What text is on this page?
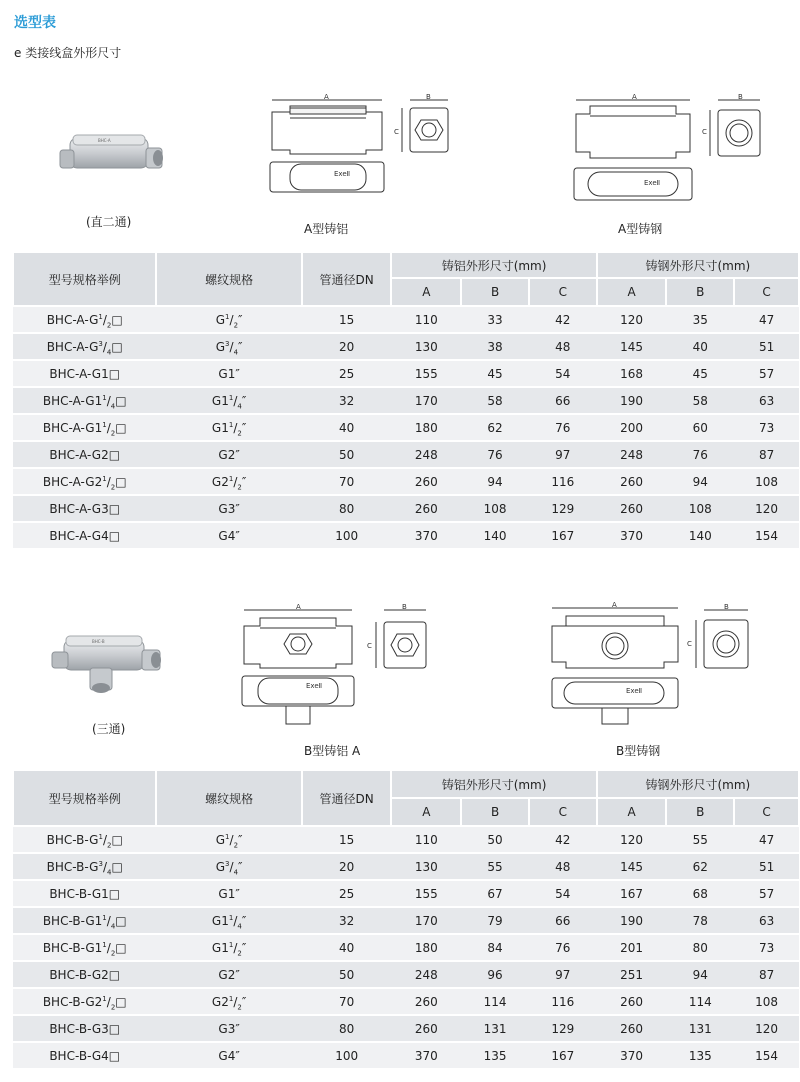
选型表
e 类接线盒外形尺寸
BHC-A
(直二通)
A
ExeⅡ
B
C
A型铸铝
A
ExeⅡ
B
C
A型铸钢
型号规格举例	螺纹规格	管通径DN	铸铝外形尺寸(mm)			铸钢外形尺寸(mm)		
			A	B	C	A	B	C
BHC-$A-G^1/_2□$	$G^1/_2''$	15	110	33	42	120	35	47
BHC-$A-G^3/_4□$	$G^3/_4''$	20	130	38	48	145	40	51
BHC-A-G1□	G1″	25	155	45	54	168	45	57
BHC-$A-G1^1/_4□$	$G1^1/_4''$	32	170	58	66	190	58	63
BHC-$A-G1^1/_2□$	$G1^1/_2''$	40	180	62	76	200	60	73
BHC-A-G2□	G2″	50	248	76	97	248	76	87
BHC-$A-G2^1/_2□$	$G2^1/_2''$	70	260	94	116	260	94	108
BHC-A-G3□	G3″	80	260	108	129	260	108	120
BHC-A-G4□	G4″	100	370	140	167	370	140	154
BHC-B
(三通)
A
ExeⅡ
B
C
B型铸铝 A
A
ExeⅡ
B
C
B型铸钢
型号规格举例	螺纹规格	管通径DN	铸铝外形尺寸(mm)			铸钢外形尺寸(mm)		
			A	B	C	A	B	C
BHC-$B-G^1/_2□$	$G^1/_2''$	15	110	50	42	120	55	47
BHC-$B-G^3/_4□$	$G^3/_4''$	20	130	55	48	145	62	51
BHC-B-G1□	G1″	25	155	67	54	167	68	57
BHC-$B-G1^1/_4□$	$G1^1/_4''$	32	170	79	66	190	78	63
BHC-$B-G1^1/_2□$	$G1^1/_2''$	40	180	84	76	201	80	73
BHC-B-G2□	G2″	50	248	96	97	251	94	87
BHC-$B-G2^1/_2□$	$G2^1/_2''$	70	260	114	116	260	114	108
BHC-B-G3□	G3″	80	260	131	129	260	131	120
BHC-B-G4□	G4″	100	370	135	167	370	135	154
